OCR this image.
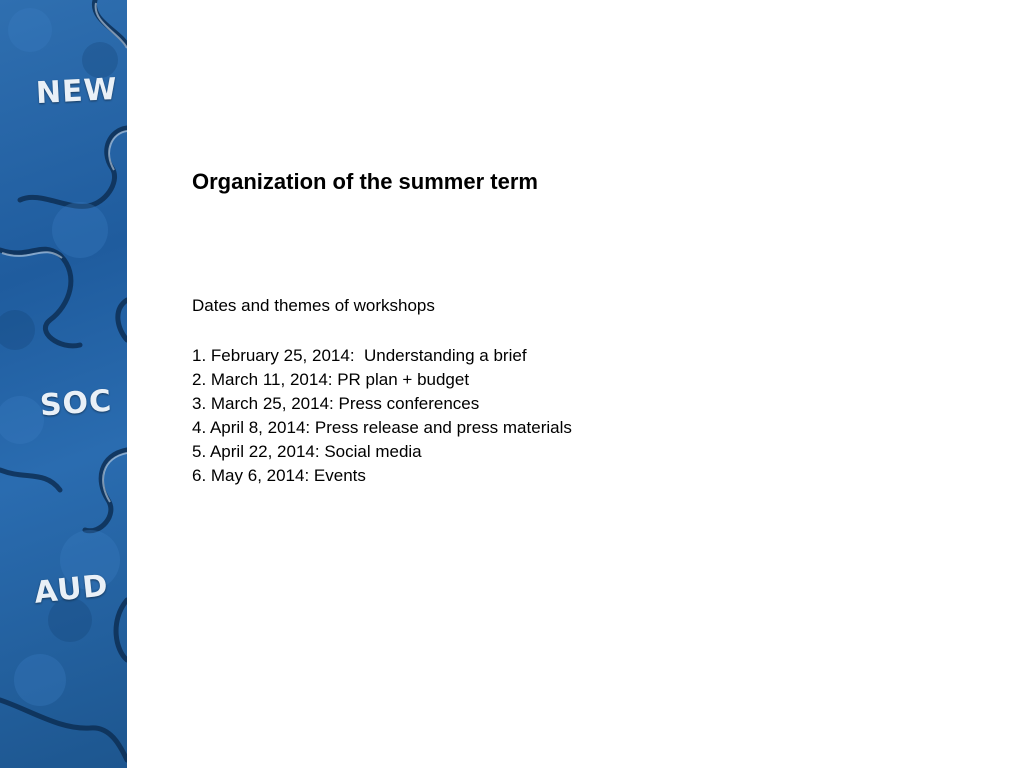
NEW
SOC
AUD
Organization of the summer term

Dates and themes of workshops

1. February 25, 2014:  Understanding a brief
2. March 11, 2014: PR plan + budget
3. March 25, 2014: Press conferences
4. April 8, 2014: Press release and press materials
5. April 22, 2014: Social media
6. May 6, 2014: Events
